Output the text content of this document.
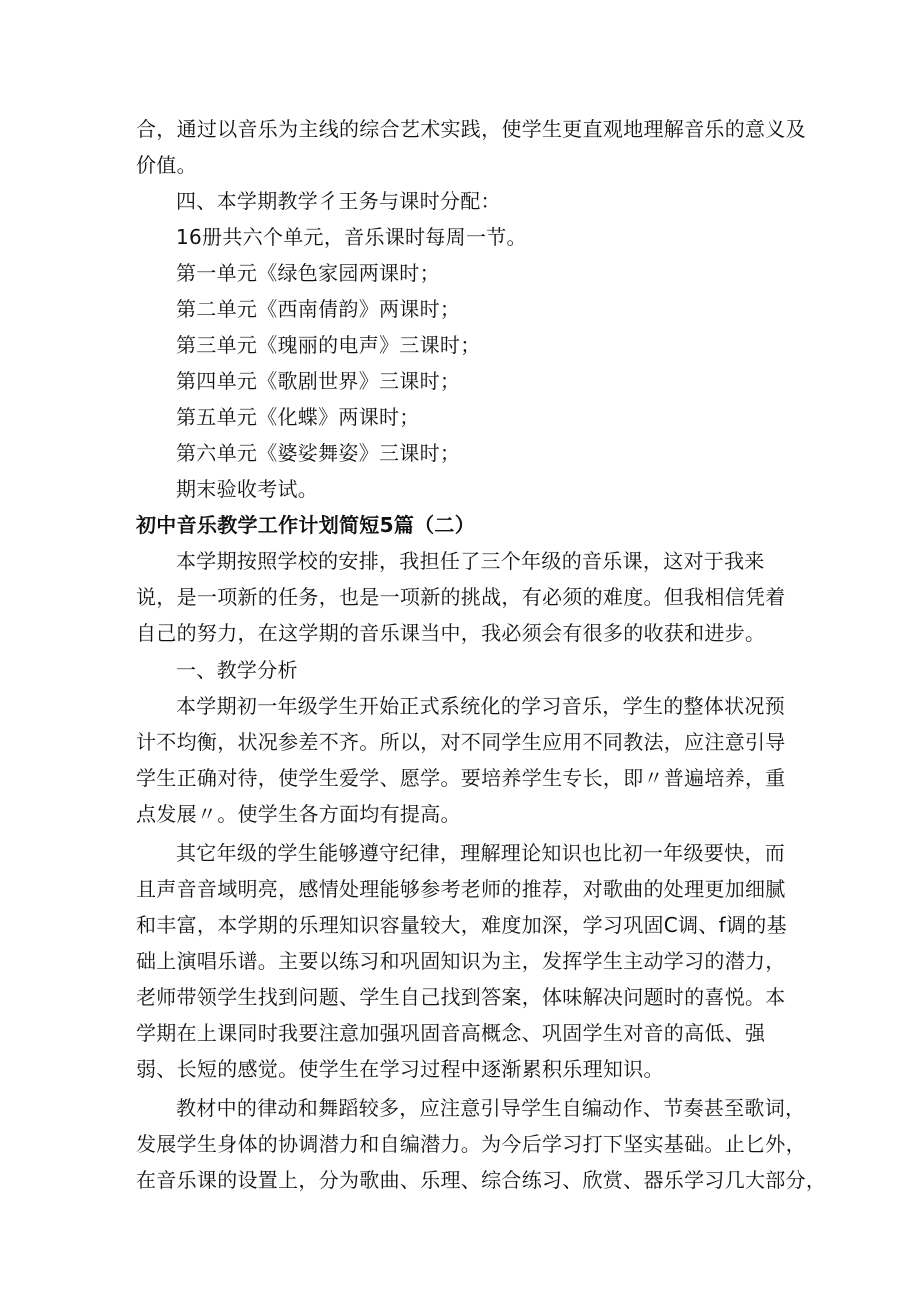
合，通过以音乐为主线的综合艺术实践，使学生更直观地理解音乐的意义及

价值。

四、本学期教学彳王务与课时分配：

16册共六个单元，音乐课时每周一节。

第一单元《绿色家园两课时；

第二单元《西南倩韵》两课时；

第三单元《瑰丽的电声》三课时；

第四单元《歌剧世界》三课时；

第五单元《化蝶》两课时；

第六单元《婆娑舞姿》三课时；

期末验收考试。

初中音乐教学工作计划简短5篇（二）

本学期按照学校的安排，我担任了三个年级的音乐课，这对于我来

说，是一项新的任务，也是一项新的挑战，有必须的难度。但我相信凭着

自己的努力，在这学期的音乐课当中，我必须会有很多的收获和进步。

一、教学分析

本学期初一年级学生开始正式系统化的学习音乐，学生的整体状况预

计不均衡，状况参差不齐。所以，对不同学生应用不同教法，应注意引导

学生正确对待，使学生爱学、愿学。要培养学生专长，即〃普遍培养，重

点发展〃。使学生各方面均有提高。

其它年级的学生能够遵守纪律，理解理论知识也比初一年级要快，而

且声音音域明亮，感情处理能够参考老师的推荐，对歌曲的处理更加细腻

和丰富，本学期的乐理知识容量较大，难度加深，学习巩固C调、f调的基

础上演唱乐谱。主要以练习和巩固知识为主，发挥学生主动学习的潜力，

老师带领学生找到问题、学生自己找到答案，体味解决问题时的喜悦。本

学期在上课同时我要注意加强巩固音高概念、巩固学生对音的高低、强

弱、长短的感觉。使学生在学习过程中逐渐累积乐理知识。

教材中的律动和舞蹈较多，应注意引导学生自编动作、节奏甚至歌词，

发展学生身体的协调潜力和自编潜力。为今后学习打下坚实基础。止匕外，

在音乐课的设置上，分为歌曲、乐理、综合练习、欣赏、器乐学习几大部分，
